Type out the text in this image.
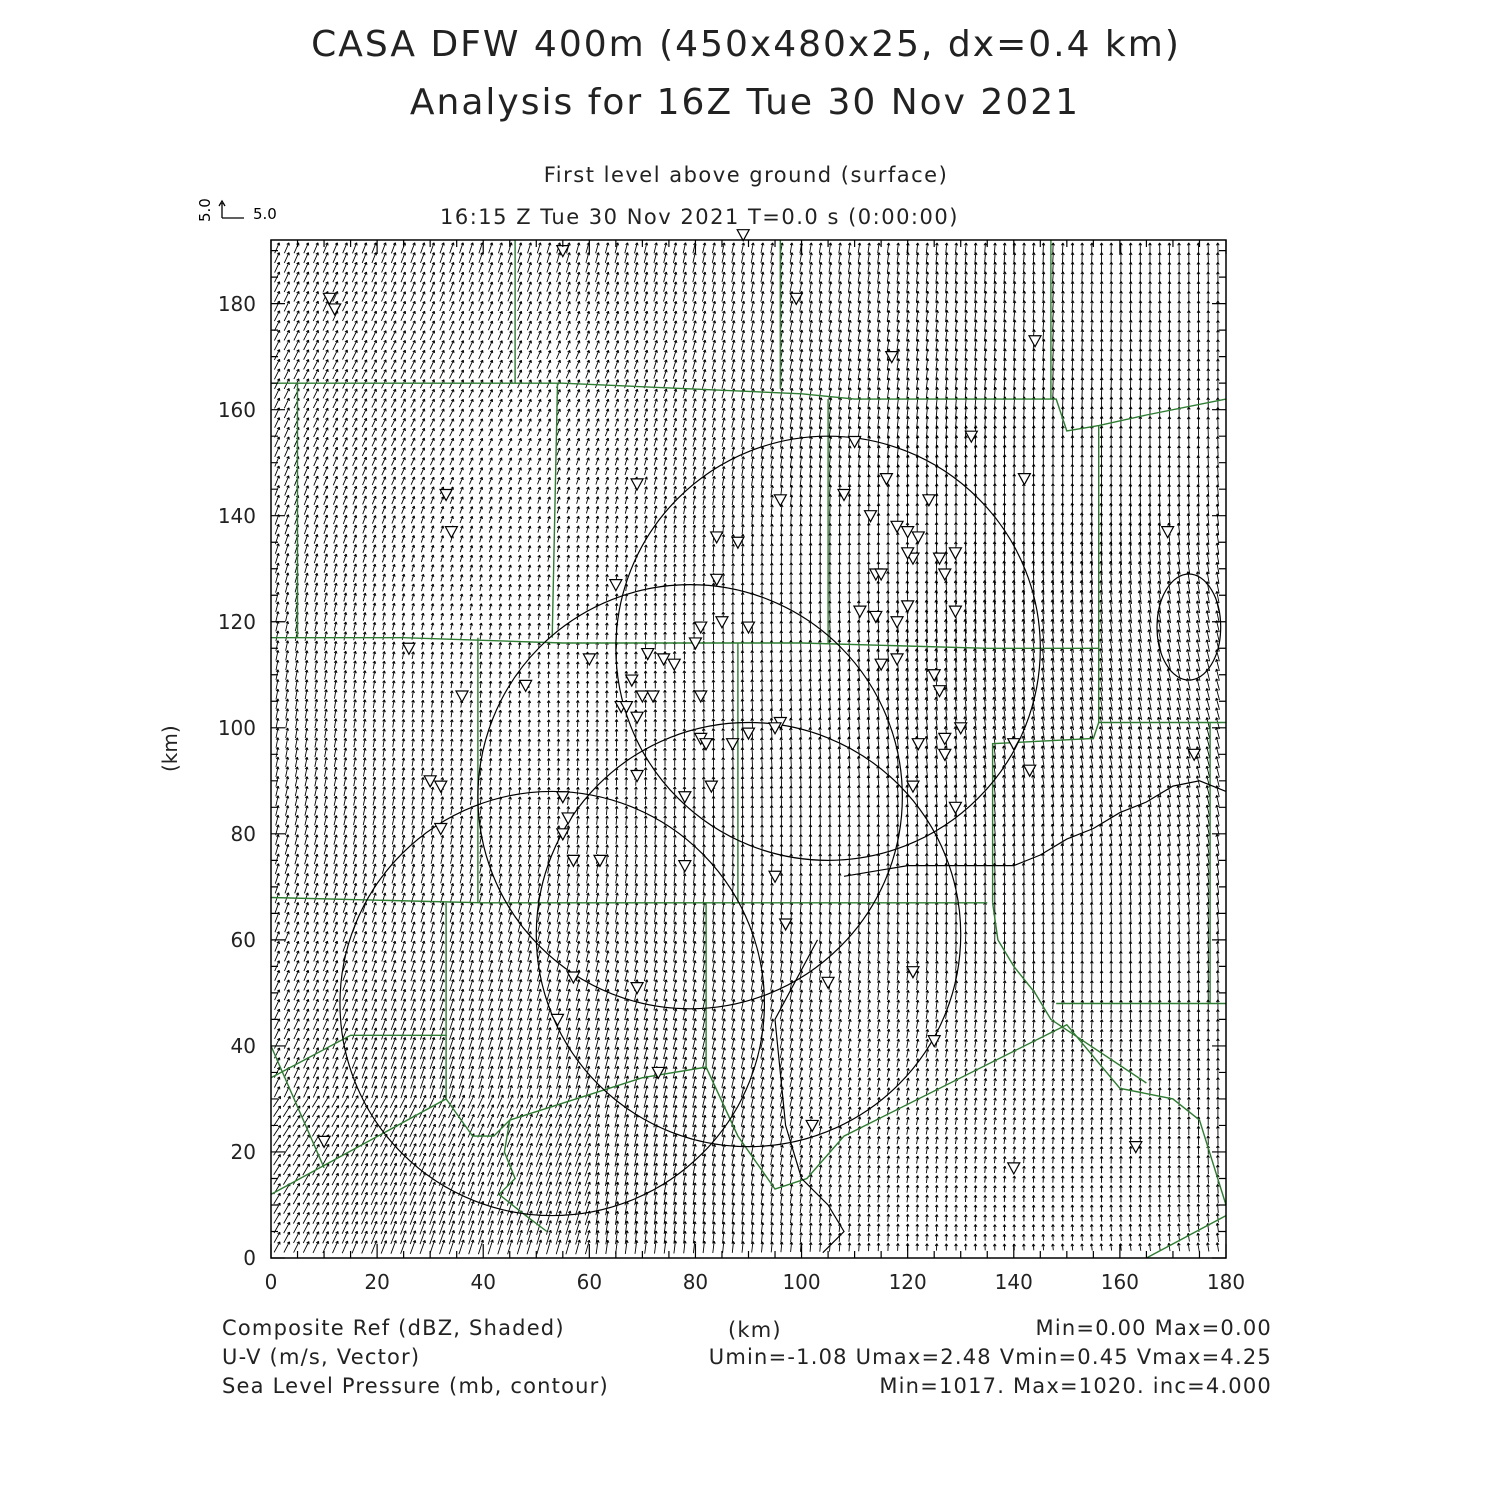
CASA DFW 400m (450x480x25, dx=0.4 km)
Analysis for 16Z Tue 30 Nov 2021
First level above ground (surface)
16:15 Z Tue 30 Nov 2021 T=0.0 s (0:00:00)
5.0	5.0
(km)
(km)
Composite Ref (dBZ, Shaded)	Min=0.00 Max=0.00
U-V (m/s, Vector)	Umin=-1.08 Umax=2.48 Vmin=0.45 Vmax=4.25
Sea Level Pressure (mb, contour)	Min=1017. Max=1020. inc=4.000
0	20	40	60	80	100	120	140	160	180
0
20
40
60
80
100
120
140
160
180
